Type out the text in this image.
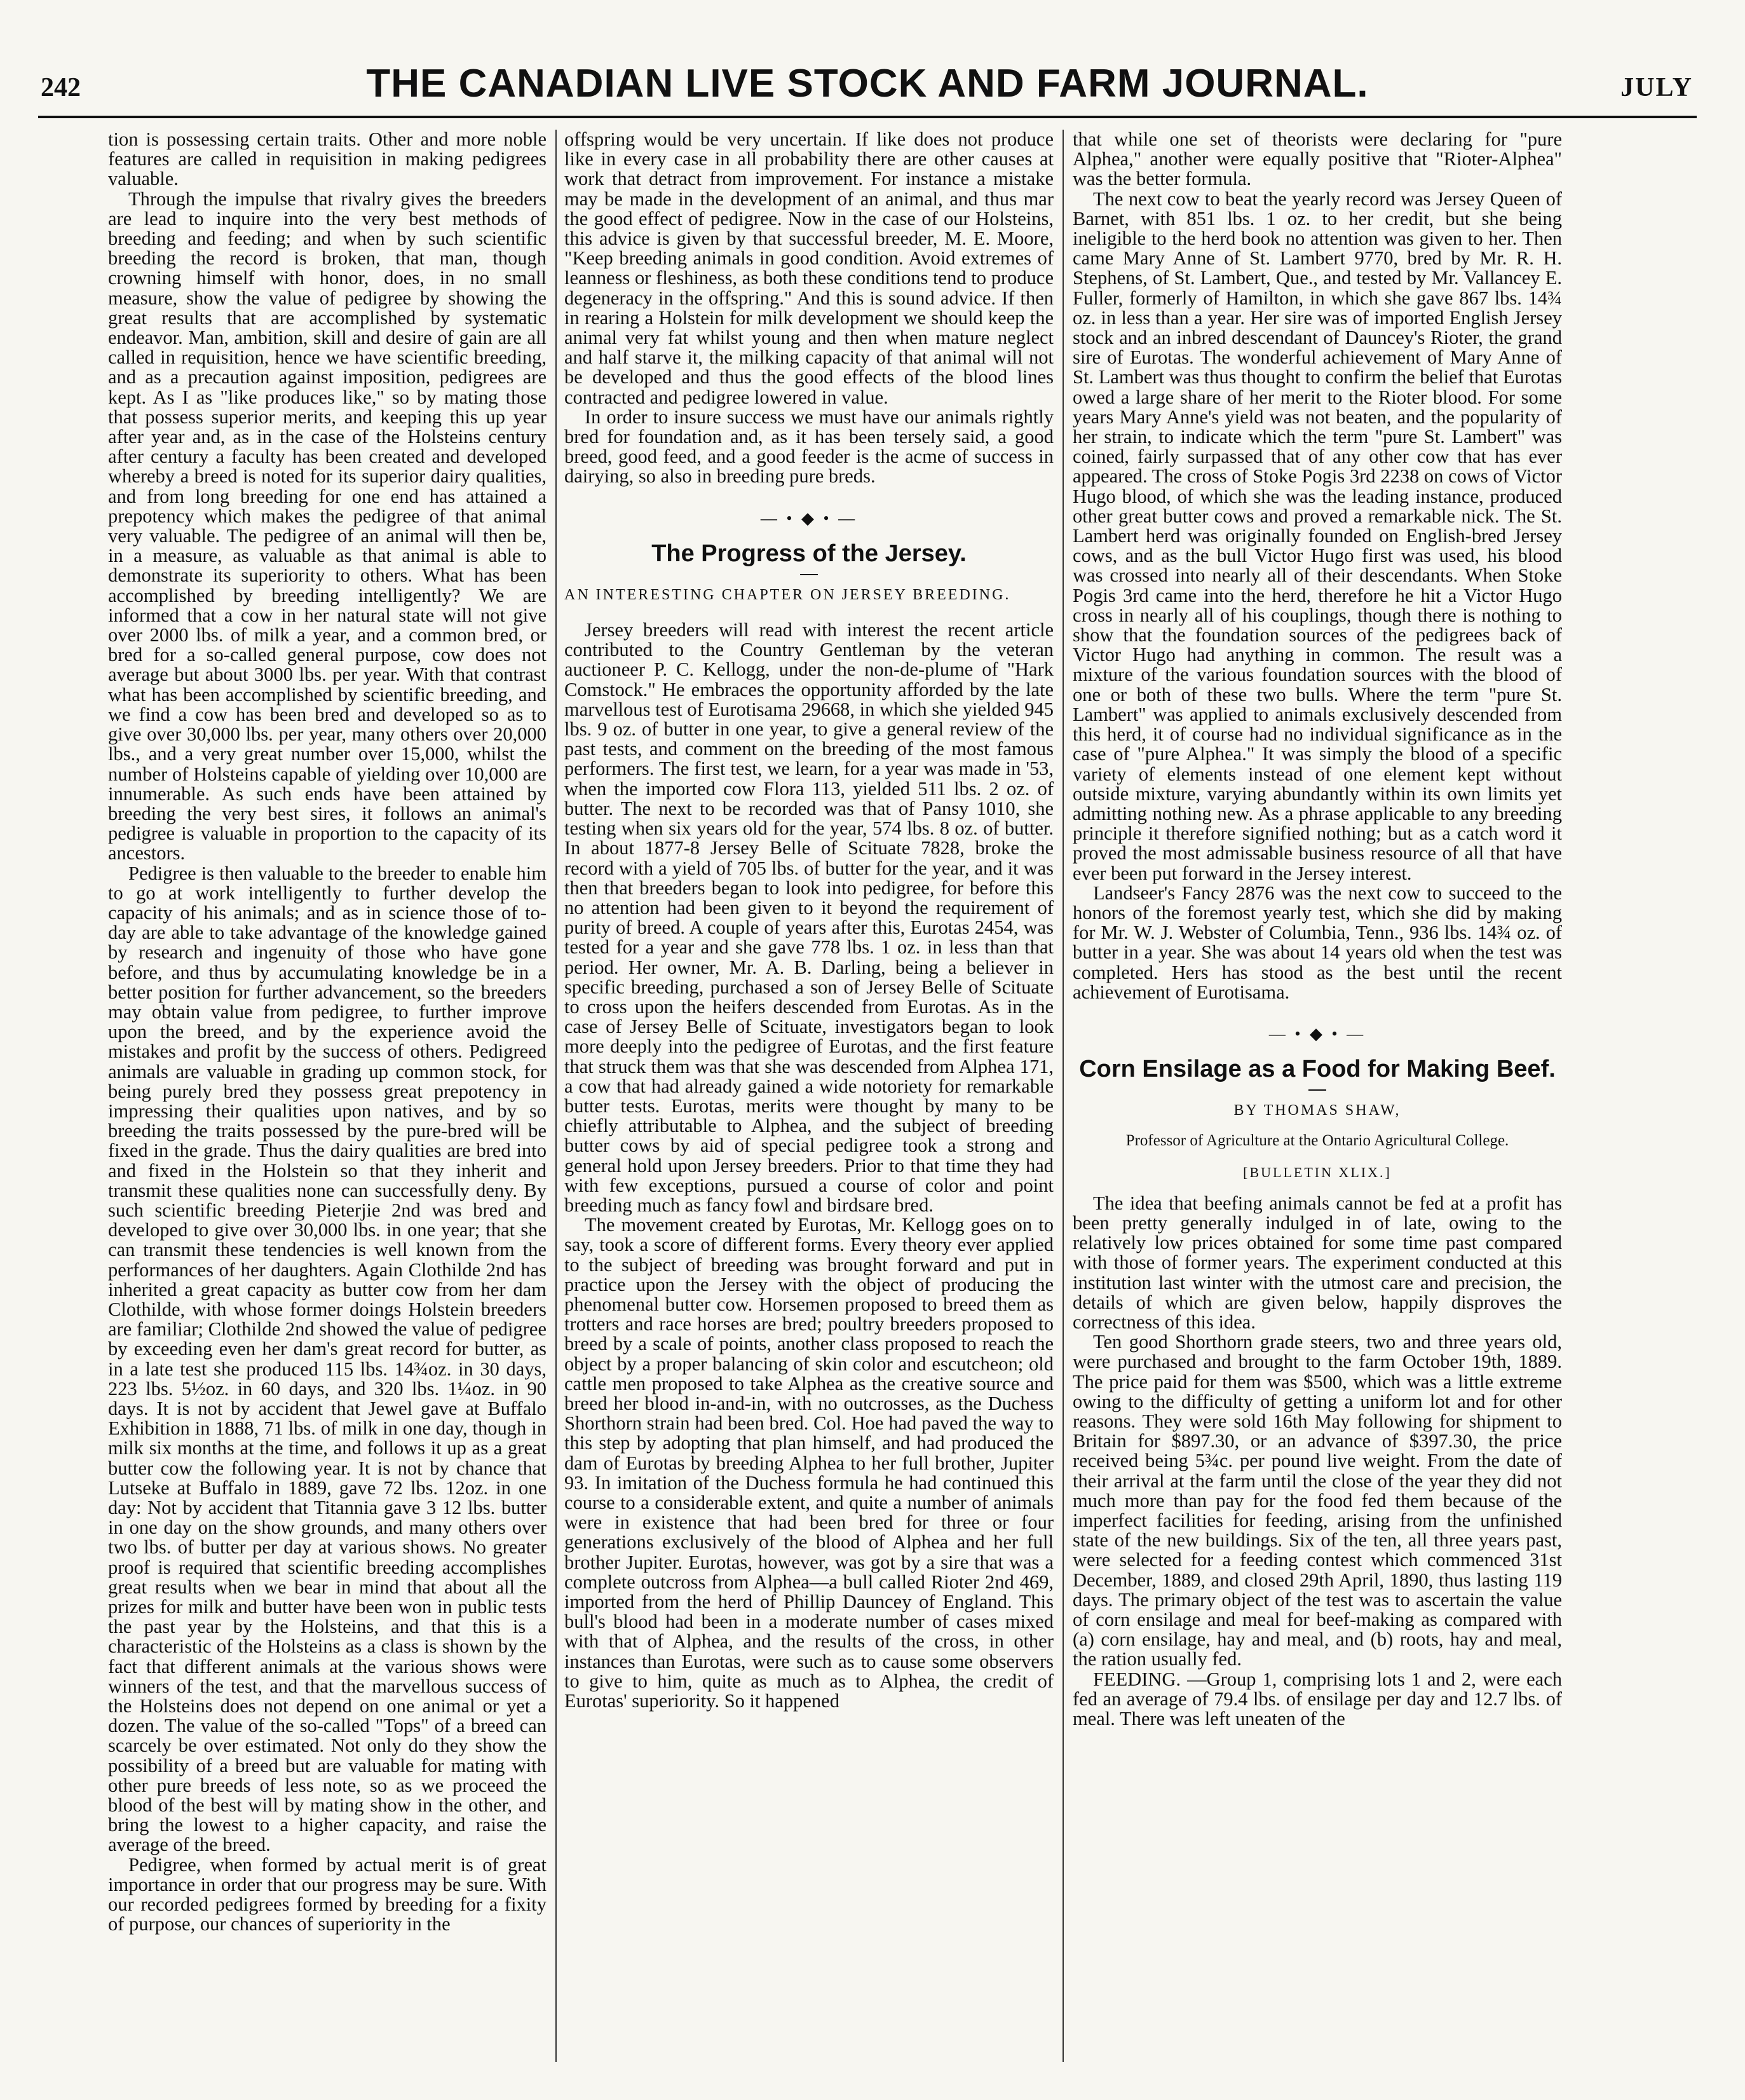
242	THE CANADIAN LIVE STOCK AND FARM JOURNAL.	JULY

tion is possessing certain traits. Other and more noble features are called in requisition in making pedigrees valuable.

Through the impulse that rivalry gives the breeders are lead to inquire into the very best methods of breeding and feeding; and when by such scientific breeding the record is broken, that man, though crowning himself with honor, does, in no small measure, show the value of pedigree by showing the great results that are accomplished by systematic endeavor. Man, ambition, skill and desire of gain are all called in requisition, hence we have scientific breeding, and as a precaution against imposition, pedigrees are kept. As I as "like produces like," so by mating those that possess superior merits, and keeping this up year after year and, as in the case of the Holsteins century after century a faculty has been created and developed whereby a breed is noted for its superior dairy qualities, and from long breeding for one end has attained a prepotency which makes the pedigree of that animal very valuable. The pedigree of an animal will then be, in a measure, as valuable as that animal is able to demonstrate its superiority to others. What has been accomplished by breeding intelligently? We are informed that a cow in her natural state will not give over 2000 lbs. of milk a year, and a common bred, or bred for a so-called general purpose, cow does not average but about 3000 lbs. per year. With that contrast what has been accomplished by scientific breeding, and we find a cow has been bred and developed so as to give over 30,000 lbs. per year, many others over 20,000 lbs., and a very great number over 15,000, whilst the number of Holsteins capable of yielding over 10,000 are innumerable. As such ends have been attained by breeding the very best sires, it follows an animal's pedigree is valuable in proportion to the capacity of its ancestors.

Pedigree is then valuable to the breeder to enable him to go at work intelligently to further develop the capacity of his animals; and as in science those of to-day are able to take advantage of the knowledge gained by research and ingenuity of those who have gone before, and thus by accumulating knowledge be in a better position for further advancement, so the breeders may obtain value from pedigree, to further improve upon the breed, and by the experience avoid the mistakes and profit by the success of others. Pedigreed animals are valuable in grading up common stock, for being purely bred they possess great prepotency in impressing their qualities upon natives, and by so breeding the traits possessed by the pure-bred will be fixed in the grade. Thus the dairy qualities are bred into and fixed in the Holstein so that they inherit and transmit these qualities none can successfully deny. By such scientific breeding Pieterjie 2nd was bred and developed to give over 30,000 lbs. in one year; that she can transmit these tendencies is well known from the performances of her daughters. Again Clothilde 2nd has inherited a great capacity as butter cow from her dam Clothilde, with whose former doings Holstein breeders are familiar; Clothilde 2nd showed the value of pedigree by exceeding even her dam's great record for butter, as in a late test she produced 115 lbs. 14¾oz. in 30 days, 223 lbs. 5½oz. in 60 days, and 320 lbs. 1¼oz. in 90 days. It is not by accident that Jewel gave at Buffalo Exhibition in 1888, 71 lbs. of milk in one day, though in milk six months at the time, and follows it up as a great butter cow the following year. It is not by chance that Lutseke at Buffalo in 1889, gave 72 lbs. 12oz. in one day: Not by accident that Titannia gave 3 12 lbs. butter in one day on the show grounds, and many others over two lbs. of butter per day at various shows. No greater proof is required that scientific breeding accomplishes great results when we bear in mind that about all the prizes for milk and butter have been won in public tests the past year by the Holsteins, and that this is a characteristic of the Holsteins as a class is shown by the fact that different animals at the various shows were winners of the test, and that the marvellous success of the Holsteins does not depend on one animal or yet a dozen. The value of the so-called "Tops" of a breed can scarcely be over estimated. Not only do they show the possibility of a breed but are valuable for mating with other pure breeds of less note, so as we proceed the blood of the best will by mating show in the other, and bring the lowest to a higher capacity, and raise the average of the breed.

Pedigree, when formed by actual merit is of great importance in order that our progress may be sure. With our recorded pedigrees formed by breeding for a fixity of purpose, our chances of superiority in the

offspring would be very uncertain. If like does not produce like in every case in all probability there are other causes at work that detract from improvement. For instance a mistake may be made in the development of an animal, and thus mar the good effect of pedigree. Now in the case of our Holsteins, this advice is given by that successful breeder, M. E. Moore, "Keep breeding animals in good condition. Avoid extremes of leanness or fleshiness, as both these conditions tend to produce degeneracy in the offspring." And this is sound advice. If then in rearing a Holstein for milk development we should keep the animal very fat whilst young and then when mature neglect and half starve it, the milking capacity of that animal will not be developed and thus the good effects of the blood lines contracted and pedigree lowered in value.

In order to insure success we must have our animals rightly bred for foundation and, as it has been tersely said, a good breed, good feed, and a good feeder is the acme of success in dairying, so also in breeding pure breds.

— • ◆ • —
The Progress of the Jersey.
AN INTERESTING CHAPTER ON JERSEY BREEDING.

Jersey breeders will read with interest the recent article contributed to the Country Gentleman by the veteran auctioneer P. C. Kellogg, under the non-de-plume of "Hark Comstock." He embraces the opportunity afforded by the late marvellous test of Eurotisama 29668, in which she yielded 945 lbs. 9 oz. of butter in one year, to give a general review of the past tests, and comment on the breeding of the most famous performers. The first test, we learn, for a year was made in '53, when the imported cow Flora 113, yielded 511 lbs. 2 oz. of butter. The next to be recorded was that of Pansy 1010, she testing when six years old for the year, 574 lbs. 8 oz. of butter. In about 1877-8 Jersey Belle of Scituate 7828, broke the record with a yield of 705 lbs. of butter for the year, and it was then that breeders began to look into pedigree, for before this no attention had been given to it beyond the requirement of purity of breed. A couple of years after this, Eurotas 2454, was tested for a year and she gave 778 lbs. 1 oz. in less than that period. Her owner, Mr. A. B. Darling, being a believer in specific breeding, purchased a son of Jersey Belle of Scituate to cross upon the heifers descended from Eurotas. As in the case of Jersey Belle of Scituate, investigators began to look more deeply into the pedigree of Eurotas, and the first feature that struck them was that she was descended from Alphea 171, a cow that had already gained a wide notoriety for remarkable butter tests. Eurotas, merits were thought by many to be chiefly attributable to Alphea, and the subject of breeding butter cows by aid of special pedigree took a strong and general hold upon Jersey breeders. Prior to that time they had with few exceptions, pursued a course of color and point breeding much as fancy fowl and birdsare bred.

The movement created by Eurotas, Mr. Kellogg goes on to say, took a score of different forms. Every theory ever applied to the subject of breeding was brought forward and put in practice upon the Jersey with the object of producing the phenomenal butter cow. Horsemen proposed to breed them as trotters and race horses are bred; poultry breeders proposed to breed by a scale of points, another class proposed to reach the object by a proper balancing of skin color and escutcheon; old cattle men proposed to take Alphea as the creative source and breed her blood in-and-in, with no outcrosses, as the Duchess Shorthorn strain had been bred. Col. Hoe had paved the way to this step by adopting that plan himself, and had produced the dam of Eurotas by breeding Alphea to her full brother, Jupiter 93. In imitation of the Duchess formula he had continued this course to a considerable extent, and quite a number of animals were in existence that had been bred for three or four generations exclusively of the blood of Alphea and her full brother Jupiter. Eurotas, however, was got by a sire that was a complete outcross from Alphea—a bull called Rioter 2nd 469, imported from the herd of Phillip Dauncey of England. This bull's blood had been in a moderate number of cases mixed with that of Alphea, and the results of the cross, in other instances than Eurotas, were such as to cause some observers to give to him, quite as much as to Alphea, the credit of Eurotas' superiority. So it happened

that while one set of theorists were declaring for "pure Alphea," another were equally positive that "Rioter-Alphea" was the better formula.

The next cow to beat the yearly record was Jersey Queen of Barnet, with 851 lbs. 1 oz. to her credit, but she being ineligible to the herd book no attention was given to her. Then came Mary Anne of St. Lambert 9770, bred by Mr. R. H. Stephens, of St. Lambert, Que., and tested by Mr. Vallancey E. Fuller, formerly of Hamilton, in which she gave 867 lbs. 14¾ oz. in less than a year. Her sire was of imported English Jersey stock and an inbred descendant of Dauncey's Rioter, the grand sire of Eurotas. The wonderful achievement of Mary Anne of St. Lambert was thus thought to confirm the belief that Eurotas owed a large share of her merit to the Rioter blood. For some years Mary Anne's yield was not beaten, and the popularity of her strain, to indicate which the term "pure St. Lambert" was coined, fairly surpassed that of any other cow that has ever appeared. The cross of Stoke Pogis 3rd 2238 on cows of Victor Hugo blood, of which she was the leading instance, produced other great butter cows and proved a remarkable nick. The St. Lambert herd was originally founded on English-bred Jersey cows, and as the bull Victor Hugo first was used, his blood was crossed into nearly all of their descendants. When Stoke Pogis 3rd came into the herd, therefore he hit a Victor Hugo cross in nearly all of his couplings, though there is nothing to show that the foundation sources of the pedigrees back of Victor Hugo had anything in common. The result was a mixture of the various foundation sources with the blood of one or both of these two bulls. Where the term "pure St. Lambert" was applied to animals exclusively descended from this herd, it of course had no individual significance as in the case of "pure Alphea." It was simply the blood of a specific variety of elements instead of one element kept without outside mixture, varying abundantly within its own limits yet admitting nothing new. As a phrase applicable to any breeding principle it therefore signified nothing; but as a catch word it proved the most admissable business resource of all that have ever been put forward in the Jersey interest.

Landseer's Fancy 2876 was the next cow to succeed to the honors of the foremost yearly test, which she did by making for Mr. W. J. Webster of Columbia, Tenn., 936 lbs. 14¾ oz. of butter in a year. She was about 14 years old when the test was completed. Hers has stood as the best until the recent achievement of Eurotisama.

— • ◆ • —
Corn Ensilage as a Food for Making Beef.
BY THOMAS SHAW,
Professor of Agriculture at the Ontario Agricultural College.
[BULLETIN XLIX.]

The idea that beefing animals cannot be fed at a profit has been pretty generally indulged in of late, owing to the relatively low prices obtained for some time past compared with those of former years. The experiment conducted at this institution last winter with the utmost care and precision, the details of which are given below, happily disproves the correctness of this idea.

Ten good Shorthorn grade steers, two and three years old, were purchased and brought to the farm October 19th, 1889. The price paid for them was $500, which was a little extreme owing to the difficulty of getting a uniform lot and for other reasons. They were sold 16th May following for shipment to Britain for $897.30, or an advance of $397.30, the price received being 5¾c. per pound live weight. From the date of their arrival at the farm until the close of the year they did not much more than pay for the food fed them because of the imperfect facilities for feeding, arising from the unfinished state of the new buildings. Six of the ten, all three years past, were selected for a feeding contest which commenced 31st December, 1889, and closed 29th April, 1890, thus lasting 119 days. The primary object of the test was to ascertain the value of corn ensilage and meal for beef-making as compared with (a) corn ensilage, hay and meal, and (b) roots, hay and meal, the ration usually fed.

FEEDING. —Group 1, comprising lots 1 and 2, were each fed an average of 79.4 lbs. of ensilage per day and 12.7 lbs. of meal. There was left uneaten of the
